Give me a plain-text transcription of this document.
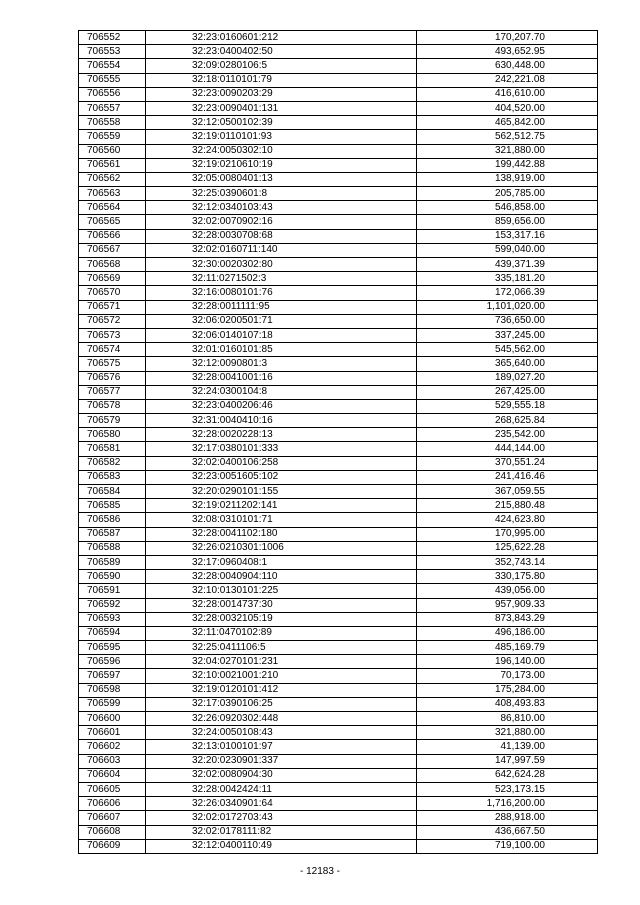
706552	32:23:0160601:212	170,207.70
706553	32:23:0400402:50	493,652.95
706554	32:09:0280106:5	630,448.00
706555	32:18:0110101:79	242,221.08
706556	32:23:0090203:29	416,610.00
706557	32:23:0090401:131	404,520.00
706558	32:12:0500102:39	465,842.00
706559	32:19:0110101:93	562,512.75
706560	32:24:0050302:10	321,880.00
706561	32:19:0210610:19	199,442.88
706562	32:05:0080401:13	138,919.00
706563	32:25:0390601:8	205,785.00
706564	32:12:0340103:43	546,858.00
706565	32:02:0070902:16	859,656.00
706566	32:28:0030708:68	153,317.16
706567	32:02:0160711:140	599,040.00
706568	32:30:0020302:80	439,371.39
706569	32:11:0271502:3	335,181.20
706570	32:16:0080101:76	172,066.39
706571	32:28:0011111:95	1,101,020.00
706572	32:06:0200501:71	736,650.00
706573	32:06:0140107:18	337,245.00
706574	32:01:0160101:85	545,562.00
706575	32:12:0090801:3	365,640.00
706576	32:28:0041001:16	189,027.20
706577	32:24:0300104:8	267,425.00
706578	32:23:0400206:46	529,555.18
706579	32:31:0040410:16	268,625.84
706580	32:28:0020228:13	235,542.00
706581	32:17:0380101:333	444,144.00
706582	32:02:0400106:258	370,551.24
706583	32:23:0051605:102	241,416.46
706584	32:20:0290101:155	367,059.55
706585	32:19:0211202:141	215,880.48
706586	32:08:0310101:71	424,623.80
706587	32:28:0041102:180	170,995.00
706588	32:26:0210301:1006	125,622.28
706589	32:17:0960408:1	352,743.14
706590	32:28:0040904:110	330,175.80
706591	32:10:0130101:225	439,056.00
706592	32:28:0014737:30	957,909.33
706593	32:28:0032105:19	873,843.29
706594	32:11:0470102:89	496,186.00
706595	32:25:0411106:5	485,169.79
706596	32:04:0270101:231	196,140.00
706597	32:10:0021001:210	70,173.00
706598	32:19:0120101:412	175,284.00
706599	32:17:0390106:25	408,493.83
706600	32:26:0920302:448	86,810.00
706601	32:24:0050108:43	321,880.00
706602	32:13:0100101:97	41,139.00
706603	32:20:0230901:337	147,997.59
706604	32:02:0080904:30	642,624.28
706605	32:28:0042424:11	523,173.15
706606	32:26:0340901:64	1,716,200.00
706607	32:02:0172703:43	288,918.00
706608	32:02:0178111:82	436,667.50
706609	32:12:0400110:49	719,100.00
- 12183 -
